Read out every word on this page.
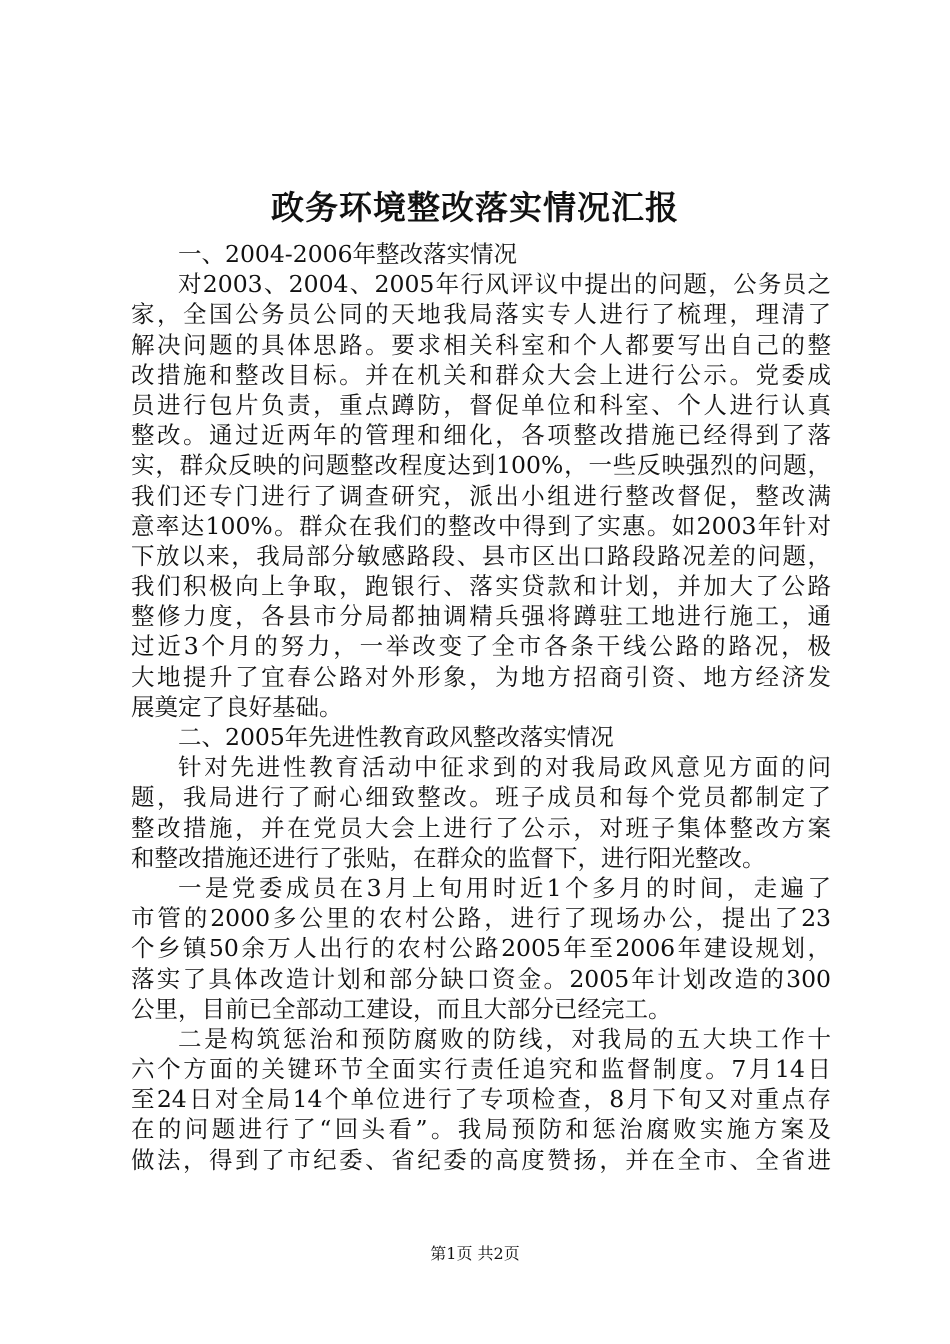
政务环境整改落实情况汇报
一、2004-2006年整改落实情况
对2003、2004、2005年行风评议中提出的问题，公务员之
家，全国公务员公同的天地我局落实专人进行了梳理，理清了
解决问题的具体思路。要求相关科室和个人都要写出自己的整
改措施和整改目标。并在机关和群众大会上进行公示。党委成
员进行包片负责，重点蹲防，督促单位和科室、个人进行认真
整改。通过近两年的管理和细化，各项整改措施已经得到了落
实，群众反映的问题整改程度达到100%，一些反映强烈的问题，
我们还专门进行了调查研究，派出小组进行整改督促，整改满
意率达100%。群众在我们的整改中得到了实惠。如2003年针对
下放以来，我局部分敏感路段、县市区出口路段路况差的问题，
我们积极向上争取，跑银行、落实贷款和计划，并加大了公路
整修力度，各县市分局都抽调精兵强将蹲驻工地进行施工，通
过近3个月的努力，一举改变了全市各条干线公路的路况，极
大地提升了宜春公路对外形象，为地方招商引资、地方经济发
展奠定了良好基础。
二、2005年先进性教育政风整改落实情况
针对先进性教育活动中征求到的对我局政风意见方面的问
题，我局进行了耐心细致整改。班子成员和每个党员都制定了
整改措施，并在党员大会上进行了公示，对班子集体整改方案
和整改措施还进行了张贴，在群众的监督下，进行阳光整改。
一是党委成员在3月上旬用时近1个多月的时间，走遍了
市管的2000多公里的农村公路，进行了现场办公，提出了23
个乡镇50余万人出行的农村公路2005年至2006年建设规划，
落实了具体改造计划和部分缺口资金。2005年计划改造的300
公里，目前已全部动工建设，而且大部分已经完工。
二是构筑惩治和预防腐败的防线，对我局的五大块工作十
六个方面的关键环节全面实行责任追究和监督制度。7月14日
至24日对全局14个单位进行了专项检查，8月下旬又对重点存
在的问题进行了“回头看”。我局预防和惩治腐败实施方案及
做法，得到了市纪委、省纪委的高度赞扬，并在全市、全省进
第1页 共2页
